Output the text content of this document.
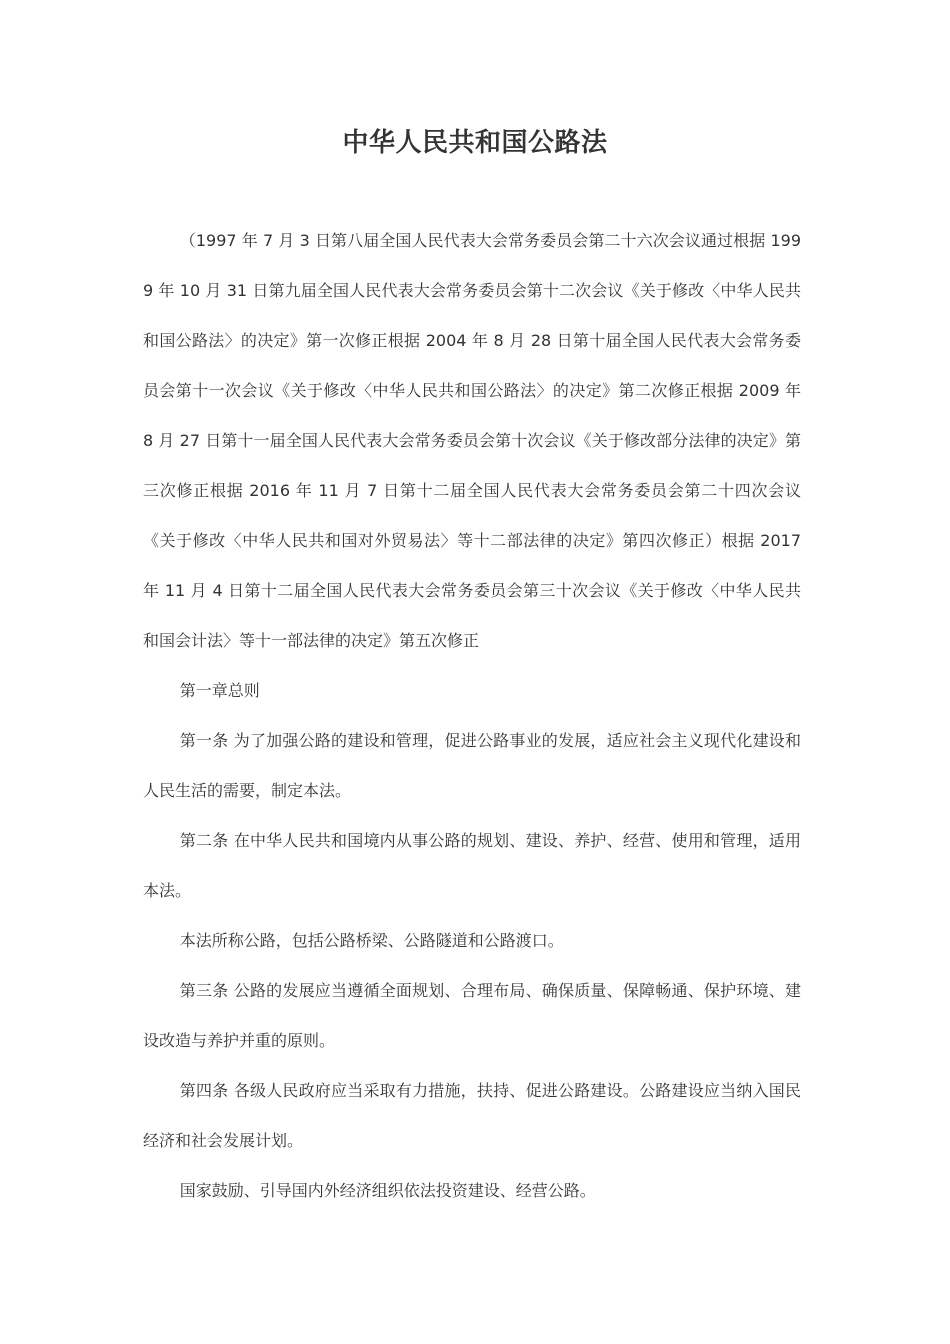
中华人民共和国公路法

（1997 年 7 月 3 日第八届全国人民代表大会常务委员会第二十六次会议通过根据 1999 年 10 月 31 日第九届全国人民代表大会常务委员会第十二次会议《关于修改〈中华人民共和国公路法〉的决定》第一次修正根据 2004 年 8 月 28 日第十届全国人民代表大会常务委员会第十一次会议《关于修改〈中华人民共和国公路法〉的决定》第二次修正根据 2009 年 8 月 27 日第十一届全国人民代表大会常务委员会第十次会议《关于修改部分法律的决定》第三次修正根据 2016 年 11 月 7 日第十二届全国人民代表大会常务委员会第二十四次会议《关于修改〈中华人民共和国对外贸易法〉等十二部法律的决定》第四次修正）根据 2017 年 11 月 4 日第十二届全国人民代表大会常务委员会第三十次会议《关于修改〈中华人民共和国会计法〉等十一部法律的决定》第五次修正

第一章总则

第一条 为了加强公路的建设和管理，促进公路事业的发展，适应社会主义现代化建设和人民生活的需要，制定本法。

第二条 在中华人民共和国境内从事公路的规划、建设、养护、经营、使用和管理，适用本法。

本法所称公路，包括公路桥梁、公路隧道和公路渡口。

第三条 公路的发展应当遵循全面规划、合理布局、确保质量、保障畅通、保护环境、建设改造与养护并重的原则。

第四条 各级人民政府应当采取有力措施，扶持、促进公路建设。公路建设应当纳入国民经济和社会发展计划。

国家鼓励、引导国内外经济组织依法投资建设、经营公路。
